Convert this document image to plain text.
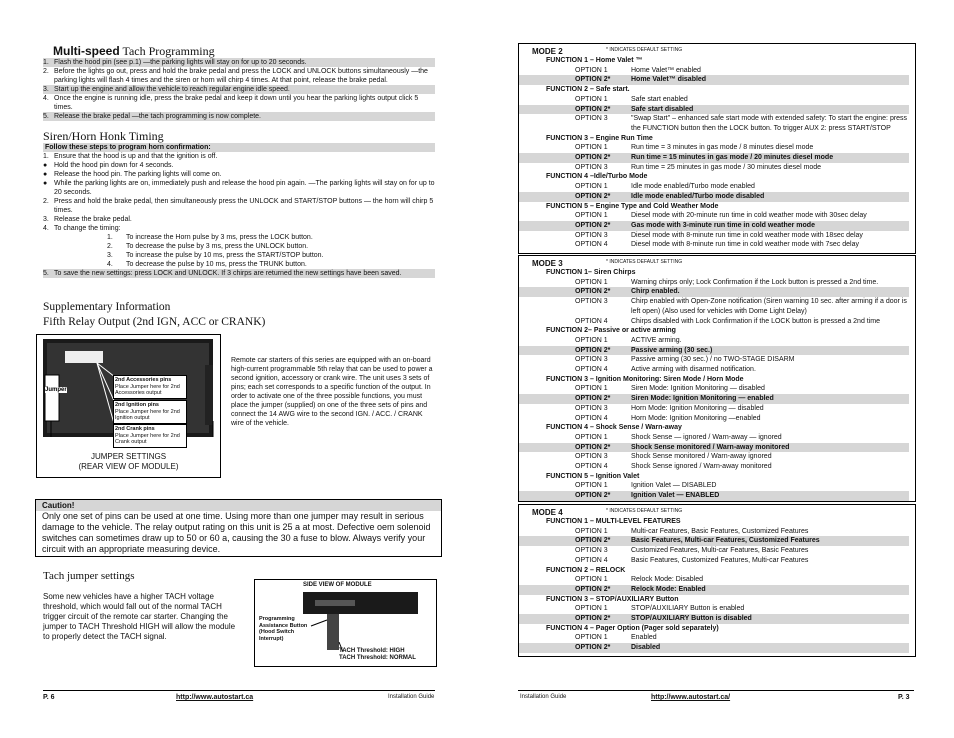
Multi-speed Tach Programming
1. Flash the hood pin (see p.1) —the parking lights will stay on for up to 20 seconds.
2. Before the lights go out, press and hold the brake pedal and press the LOCK and UNLOCK buttons simultaneously —the parking lights will flash 4 times and the siren or horn will chirp 4 times. At that point, release the brake pedal.
3. Start up the engine and allow the vehicle to reach regular engine idle speed.
4. Once the engine is running idle, press the brake pedal and keep it down until you hear the parking lights output click 5 times.
5. Release the brake pedal —the tach programming is now complete.
Siren/Horn Honk Timing
Follow these steps to program horn confirmation:
1. Ensure that the hood is up and that the ignition is off.
● Hold the hood pin down for 4 seconds.
● Release the hood pin. The parking lights will come on.
● While the parking lights are on, immediately push and release the hood pin again. —The parking lights will stay on for up to 20 seconds.
2. Press and hold the brake pedal, then simultaneously press the UNLOCK and START/STOP buttons — the horn will chirp 5 times.
3. Release the brake pedal.
4. To change the timing:
1.	To increase the Horn pulse by 3 ms, press the LOCK button.
2.	To decrease the pulse by 3 ms, press the UNLOCK button.
3.	To increase the pulse by 10 ms, press the START/STOP button.
4.	To decrease the pulse by 10 ms, press the TRUNK button.
5. To save the new settings: press LOCK and UNLOCK. If 3 chirps are returned the new settings have been saved.
Supplementary Information
Fifth Relay Output (2nd IGN, ACC or CRANK)
Jumper
2nd Accessories pins
Place Jumper here for 2nd Accessories output
2nd Ignition pins
Place Jumper here for 2nd Ignition output
2nd Crank pins
Place Jumper here for 2nd Crank output
JUMPER SETTINGS
(REAR VIEW OF MODULE)
Remote car starters of this series are equipped with an on-board high-current programmable 5th relay that can be used to power a second ignition, accessory or crank wire. The unit uses 3 sets of pins; each set corresponds to a specific function of the output. In order to activate one of the three possible functions, you must place the jumper (supplied) on one of the three sets of pins and connect the 14 AWG wire to the second IGN. / ACC. / CRANK wire of the vehicle.
Caution!
Only one set of pins can be used at one time. Using more than one jumper may result in serious damage to the vehicle. The relay output rating on this unit is 25 a at most. Defective oem solenoid switches can sometimes draw up to 50 or 60 a, causing the 30 a fuse to blow. Always verify your circuit with an appropriate measuring device.
Tach jumper settings
Some new vehicles have a higher TACH voltage threshold, which would fall out of the normal TACH trigger circuit of the remote car starter. Changing the jumper to TACH Threshold HIGH will allow the module to properly detect the TACH signal.
SIDE VIEW OF MODULE
Programming Assistance Button (Hood Switch Interrupt)
TACH Threshold: HIGH
TACH Threshold: NORMAL
P. 6	http://www.autostart.ca	Installation Guide
MODE 2	* INDICATES DEFAULT SETTING
FUNCTION 1 – Home Valet ™
OPTION 1	Home Valet™ enabled
OPTION 2*	Home Valet™ disabled
FUNCTION 2 – Safe start.
OPTION 1	Safe start enabled
OPTION 2*	Safe start disabled
OPTION 3	"Swap Start" – enhanced safe start mode with extended safety: To start the engine: press the FUNCTION button then the LOCK button. To trigger AUX 2: press START/STOP
FUNCTION 3 – Engine Run Time
OPTION 1	Run time = 3 minutes in gas mode / 8 minutes diesel mode
OPTION 2*	Run time = 15 minutes in gas mode / 20 minutes diesel mode
OPTION 3	Run time = 25 minutes in gas mode / 30 minutes diesel mode
FUNCTION 4 –Idle/Turbo Mode
OPTION 1	Idle mode enabled/Turbo mode enabled
OPTION 2*	Idle mode enabled/Turbo mode disabled
FUNCTION 5 – Engine Type and Cold Weather Mode
OPTION 1	Diesel mode with 20-minute run time in cold weather mode with 30sec delay
OPTION 2*	Gas mode with 3-minute run time in cold weather mode
OPTION 3	Diesel mode with 8-minute run time in cold weather mode with 18sec delay
OPTION 4	Diesel mode with 8-minute run time in cold weather mode with 7sec delay
MODE 3	* INDICATES DEFAULT SETTING
FUNCTION 1– Siren Chirps
OPTION 1	Warning chirps only; Lock Confirmation if the Lock button is pressed a 2nd time.
OPTION 2*	Chirp enabled.
OPTION 3	Chirp enabled with Open-Zone notification (Siren warning 10 sec. after arming if a door is left open) (Also used for vehicles with Dome Light Delay)
OPTION 4	Chirps disabled with Lock Confirmation if the LOCK button is pressed a 2nd time
FUNCTION 2– Passive or active arming
OPTION 1	ACTIVE arming.
OPTION 2*	Passive arming (30 sec.)
OPTION 3	Passive arming (30 sec.) / no TWO-STAGE DISARM
OPTION 4	Active arming with disarmed notification.
FUNCTION 3 – Ignition Monitoring: Siren Mode / Horn Mode
OPTION 1	Siren Mode: Ignition Monitoring — disabled
OPTION 2*	Siren Mode: Ignition Monitoring — enabled
OPTION 3	Horn Mode: Ignition Monitoring — disabled
OPTION 4	Horn Mode: Ignition Monitoring —enabled
FUNCTION 4 – Shock Sense / Warn-away
OPTION 1	Shock Sense — ignored / Warn-away — ignored
OPTION 2*	Shock Sense monitored / Warn-away monitored
OPTION 3	Shock Sense monitored / Warn-away ignored
OPTION 4	Shock Sense ignored / Warn-away monitored
FUNCTION 5 – Ignition Valet
OPTION 1	Ignition Valet — DISABLED
OPTION 2*	Ignition Valet — ENABLED
MODE 4	* INDICATES DEFAULT SETTING
FUNCTION 1 – MULTI-LEVEL FEATURES
OPTION 1	Multi-car Features, Basic Features, Customized Features
OPTION 2*	Basic Features, Multi-car Features, Customized Features
OPTION 3	Customized Features, Multi-car Features, Basic Features
OPTION 4	Basic Features, Customized Features, Multi-car Features
FUNCTION 2 – RELOCK
OPTION 1	Relock Mode: Disabled
OPTION 2*	Relock Mode: Enabled
FUNCTION 3 – STOP/AUXILIARY Button
OPTION 1	STOP/AUXILIARY Button is enabled
OPTION 2*	STOP/AUXILIARY Button is disabled
FUNCTION 4 – Pager Option (Pager sold separately)
OPTION 1	Enabled
OPTION 2*	Disabled
Installation Guide	http://www.autostart.ca/	P. 3
